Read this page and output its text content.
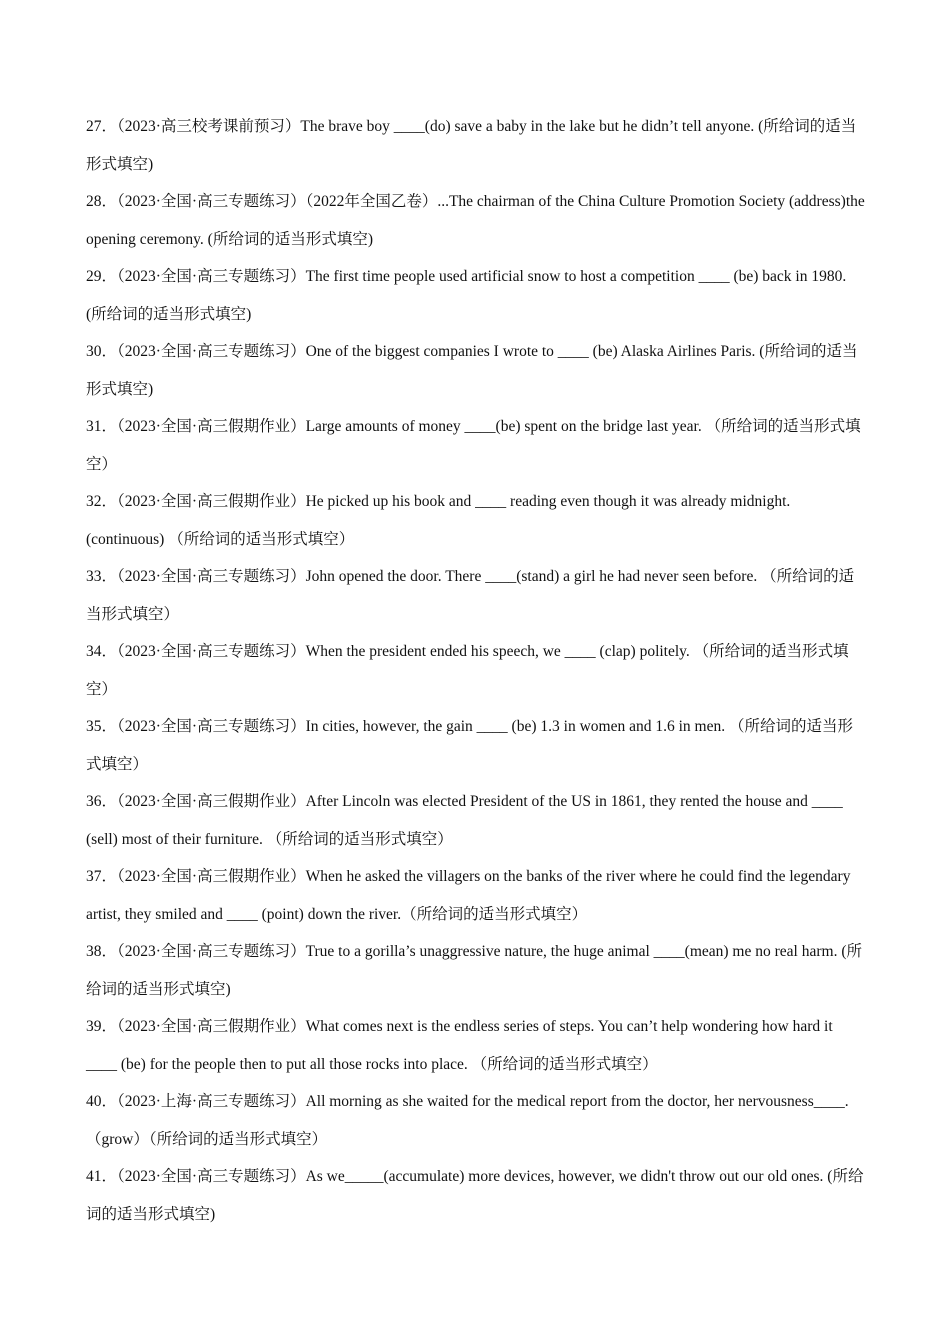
27．（2023·高三校考课前预习）The brave boy ____(do) save a baby in the lake but he didn’t tell anyone. (所给词的适当形式填空)

28．（2023·全国·高三专题练习）（2022年全国乙卷）...The chairman of the China Culture Promotion Society (address)the opening ceremony. (所给词的适当形式填空)

29．（2023·全国·高三专题练习）The first time people used artificial snow to host a competition ____ (be) back in 1980. (所给词的适当形式填空)

30．（2023·全国·高三专题练习）One of the biggest companies I wrote to ____ (be) Alaska Airlines Paris. (所给词的适当形式填空)

31．（2023·全国·高三假期作业）Large amounts of money ____(be) spent on the bridge last year. （所给词的适当形式填空）

32．（2023·全国·高三假期作业）He picked up his book and ____ reading even though it was already midnight. (continuous) （所给词的适当形式填空）

33．（2023·全国·高三专题练习）John opened the door. There ____(stand) a girl he had never seen before. （所给词的适当形式填空）

34．（2023·全国·高三专题练习）When the president ended his speech, we ____ (clap) politely. （所给词的适当形式填空）

35．（2023·全国·高三专题练习）In cities, however, the gain ____ (be) 1.3 in women and 1.6 in men. （所给词的适当形式填空）

36．（2023·全国·高三假期作业）After Lincoln was elected President of the US in 1861, they rented the house and ____ (sell) most of their furniture. （所给词的适当形式填空）

37．（2023·全国·高三假期作业）When he asked the villagers on the banks of the river where he could find the legendary artist, they smiled and ____ (point) down the river.（所给词的适当形式填空）

38．（2023·全国·高三专题练习）True to a gorilla’s unaggressive nature, the huge animal ____(mean) me no real harm. (所给词的适当形式填空)

39．（2023·全国·高三假期作业）What comes next is the endless series of steps. You can’t help wondering how hard it ____ (be) for the people then to put all those rocks into place. （所给词的适当形式填空）

40．（2023·上海·高三专题练习）All morning as she waited for the medical report from the doctor, her nervousness____.（grow）（所给词的适当形式填空）

41．（2023·全国·高三专题练习）As we_____(accumulate) more devices, however, we didn't throw out our old ones. (所给词的适当形式填空)
